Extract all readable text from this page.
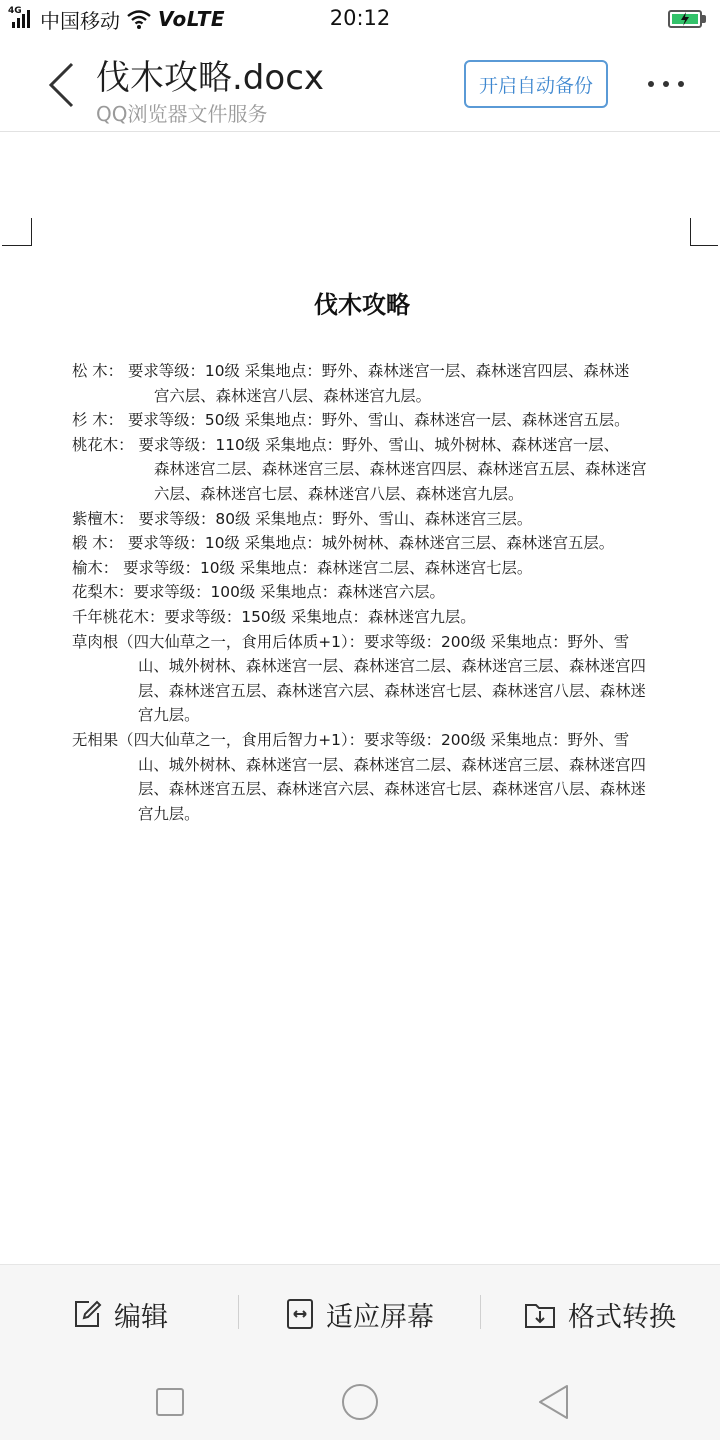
4G 中国移动 VoLTE	20:12
伐木攻略.docx
QQ浏览器文件服务
开启自动备份
伐木攻略
松 木： 要求等级：10级 采集地点：野外、森林迷宫一层、森林迷宫四层、森林迷
宫六层、森林迷宫八层、森林迷宫九层。
杉 木： 要求等级：50级 采集地点：野外、雪山、森林迷宫一层、森林迷宫五层。
桃花木： 要求等级：110级 采集地点：野外、雪山、城外树林、森林迷宫一层、
森林迷宫二层、森林迷宫三层、森林迷宫四层、森林迷宫五层、森林迷宫
六层、森林迷宫七层、森林迷宫八层、森林迷宫九层。
紫檀木： 要求等级：80级 采集地点：野外、雪山、森林迷宫三层。
椴 木： 要求等级：10级 采集地点：城外树林、森林迷宫三层、森林迷宫五层。
榆木： 要求等级：10级 采集地点：森林迷宫二层、森林迷宫七层。
花梨木：要求等级：100级 采集地点：森林迷宫六层。
千年桃花木：要求等级：150级 采集地点：森林迷宫九层。
草肉根（四大仙草之一，食用后体质+1）：要求等级：200级 采集地点：野外、雪
山、城外树林、森林迷宫一层、森林迷宫二层、森林迷宫三层、森林迷宫四
层、森林迷宫五层、森林迷宫六层、森林迷宫七层、森林迷宫八层、森林迷
宫九层。
无相果（四大仙草之一，食用后智力+1）：要求等级：200级 采集地点：野外、雪
山、城外树林、森林迷宫一层、森林迷宫二层、森林迷宫三层、森林迷宫四
层、森林迷宫五层、森林迷宫六层、森林迷宫七层、森林迷宫八层、森林迷
宫九层。
编辑	适应屏幕	格式转换
